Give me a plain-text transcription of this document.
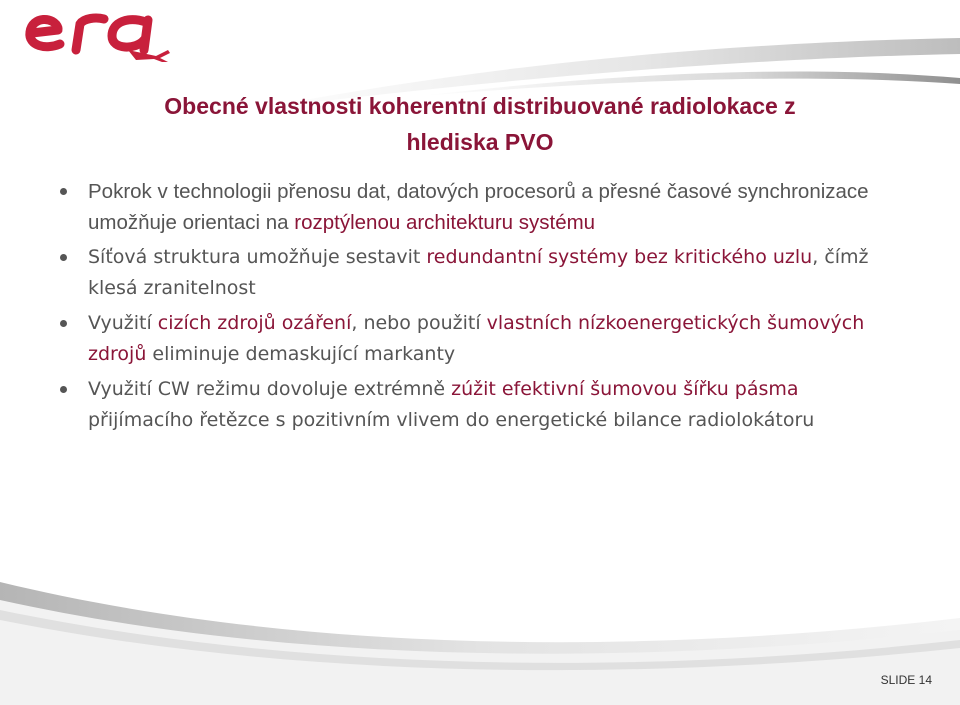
Obecné vlastnosti koherentní distribuované radiolokace z
hlediska PVO
Pokrok v technologii přenosu dat, datových procesorů a přesné časové synchronizace umožňuje orientaci na rozptýlenou architekturu systému
Síťová struktura umožňuje sestavit redundantní systémy bez kritického uzlu, čímž klesá zranitelnost
Využití cizích zdrojů ozáření, nebo použití vlastních nízkoenergetických šumových zdrojů eliminuje demaskující markanty
Využití CW režimu dovoluje extrémně zúžit efektivní šumovou šířku pásma přijímacího řetězce s pozitivním vlivem do energetické bilance radiolokátoru
SLIDE 14
